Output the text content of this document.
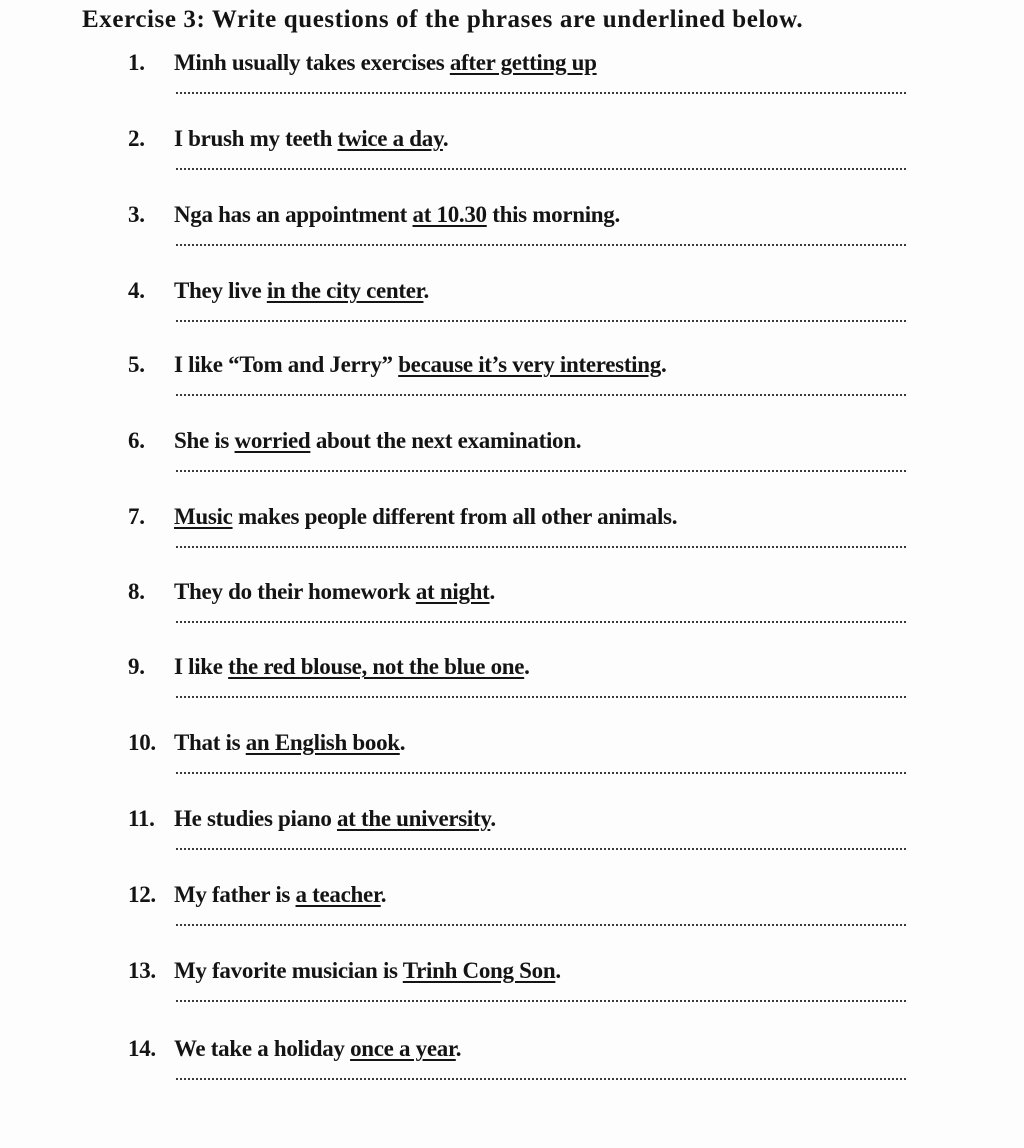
Exercise 3: Write questions of the phrases are underlined below.
1. Minh usually takes exercises after getting up
2. I brush my teeth twice a day.
3. Nga has an appointment at 10.30 this morning.
4. They live in the city center.
5. I like “Tom and Jerry” because it’s very interesting.
6. She is worried about the next examination.
7. Music makes people different from all other animals.
8. They do their homework at night.
9. I like the red blouse, not the blue one.
10. That is an English book.
11. He studies piano at the university.
12. My father is a teacher.
13. My favorite musician is Trinh Cong Son.
14. We take a holiday once a year.
